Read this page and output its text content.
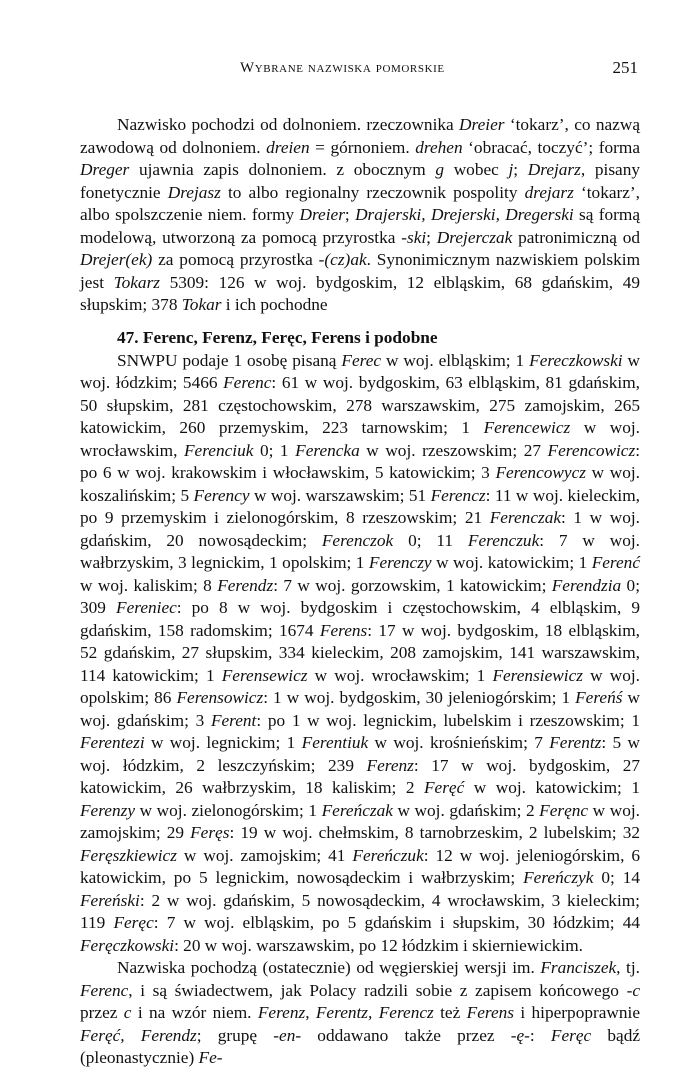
Wybrane nazwiska pomorskie	251

Nazwisko pochodzi od dolnoniem. rzeczownika Dreier ‘tokarz’, co nazwą zawodową od dolnoniem. dreien = górnoniem. drehen ‘obracać, toczyć’; forma Dreger ujawnia zapis dolnoniem. z obocznym g wobec j; Drejarz, pisany fonetycznie Drejasz to albo regionalny rzeczownik pospolity drejarz ‘tokarz’, albo spolszczenie niem. formy Dreier; Drajerski, Drejerski, Dregerski są formą modelową, utworzoną za pomocą przyrostka -ski; Drejerczak patronimiczną od Drejer(ek) za pomocą przyrostka -(cz)ak. Synonimicznym nazwiskiem polskim jest Tokarz 5309: 126 w woj. bydgoskim, 12 elbląskim, 68 gdańskim, 49 słupskim; 378 Tokar i ich pochodne

47. Ferenc, Ferenz, Feręc, Ferens i podobne

SNWPU podaje 1 osobę pisaną Ferec w woj. elbląskim; 1 Fereczkowski w woj. łódzkim; 5466 Ferenc: 61 w woj. bydgoskim, 63 elbląskim, 81 gdańskim, 50 słupskim, 281 częstochowskim, 278 warszawskim, 275 zamojskim, 265 katowickim, 260 przemyskim, 223 tarnowskim; 1 Ferencewicz w woj. wrocławskim, Ferenciuk 0; 1 Ferencka w woj. rzeszowskim; 27 Ferencowicz: po 6 w woj. krakowskim i włocławskim, 5 katowickim; 3 Ferencowycz w woj. koszalińskim; 5 Ferency w woj. warszawskim; 51 Ferencz: 11 w woj. kieleckim, po 9 przemyskim i zielonogórskim, 8 rzeszowskim; 21 Ferenczak: 1 w woj. gdańskim, 20 nowosądeckim; Ferenczok 0; 11 Ferenczuk: 7 w woj. wałbrzyskim, 3 legnickim, 1 opolskim; 1 Ferenczy w woj. katowickim; 1 Ferenć w woj. kaliskim; 8 Ferendz: 7 w woj. gorzowskim, 1 katowickim; Ferendzia 0; 309 Fereniec: po 8 w woj. bydgoskim i częstochowskim, 4 elbląskim, 9 gdańskim, 158 radomskim; 1674 Ferens: 17 w woj. bydgoskim, 18 elbląskim, 52 gdańskim, 27 słupskim, 334 kieleckim, 208 zamojskim, 141 warszawskim, 114 katowickim; 1 Ferensewicz w woj. wrocławskim; 1 Ferensiewicz w woj. opolskim; 86 Ferensowicz: 1 w woj. bydgoskim, 30 jeleniogórskim; 1 Fereńś w woj. gdańskim; 3 Ferent: po 1 w woj. legnickim, lubelskim i rzeszowskim; 1 Ferentezi w woj. legnickim; 1 Ferentiuk w woj. krośnieńskim; 7 Ferentz: 5 w woj. łódzkim, 2 leszczyńskim; 239 Ferenz: 17 w woj. bydgoskim, 27 katowickim, 26 wałbrzyskim, 18 kaliskim; 2 Feręć w woj. katowickim; 1 Ferenzy w woj. zielonogórskim; 1 Fereńczak w woj. gdańskim; 2 Feręnc w woj. zamojskim; 29 Feręs: 19 w woj. chełmskim, 8 tarnobrzeskim, 2 lubelskim; 32 Feręszkiewicz w woj. zamojskim; 41 Fereńczuk: 12 w woj. jeleniogórskim, 6 katowickim, po 5 legnickim, nowosądeckim i wałbrzyskim; Fereńczyk 0; 14 Fereński: 2 w woj. gdańskim, 5 nowosądeckim, 4 wrocławskim, 3 kieleckim; 119 Feręc: 7 w woj. elbląskim, po 5 gdańskim i słupskim, 30 łódzkim; 44 Feręczkowski: 20 w woj. warszawskim, po 12 łódzkim i skierniewickim.

Nazwiska pochodzą (ostatecznie) od węgierskiej wersji im. Franciszek, tj. Ferenc, i są świadectwem, jak Polacy radzili sobie z zapisem końcowego -c przez c i na wzór niem. Ferenz, Ferentz, Ferencz też Ferens i hiperpoprawnie Feręć, Ferendz; grupę -en- oddawano także przez -ę-: Feręc bądź (pleonastycznie) Fe-
